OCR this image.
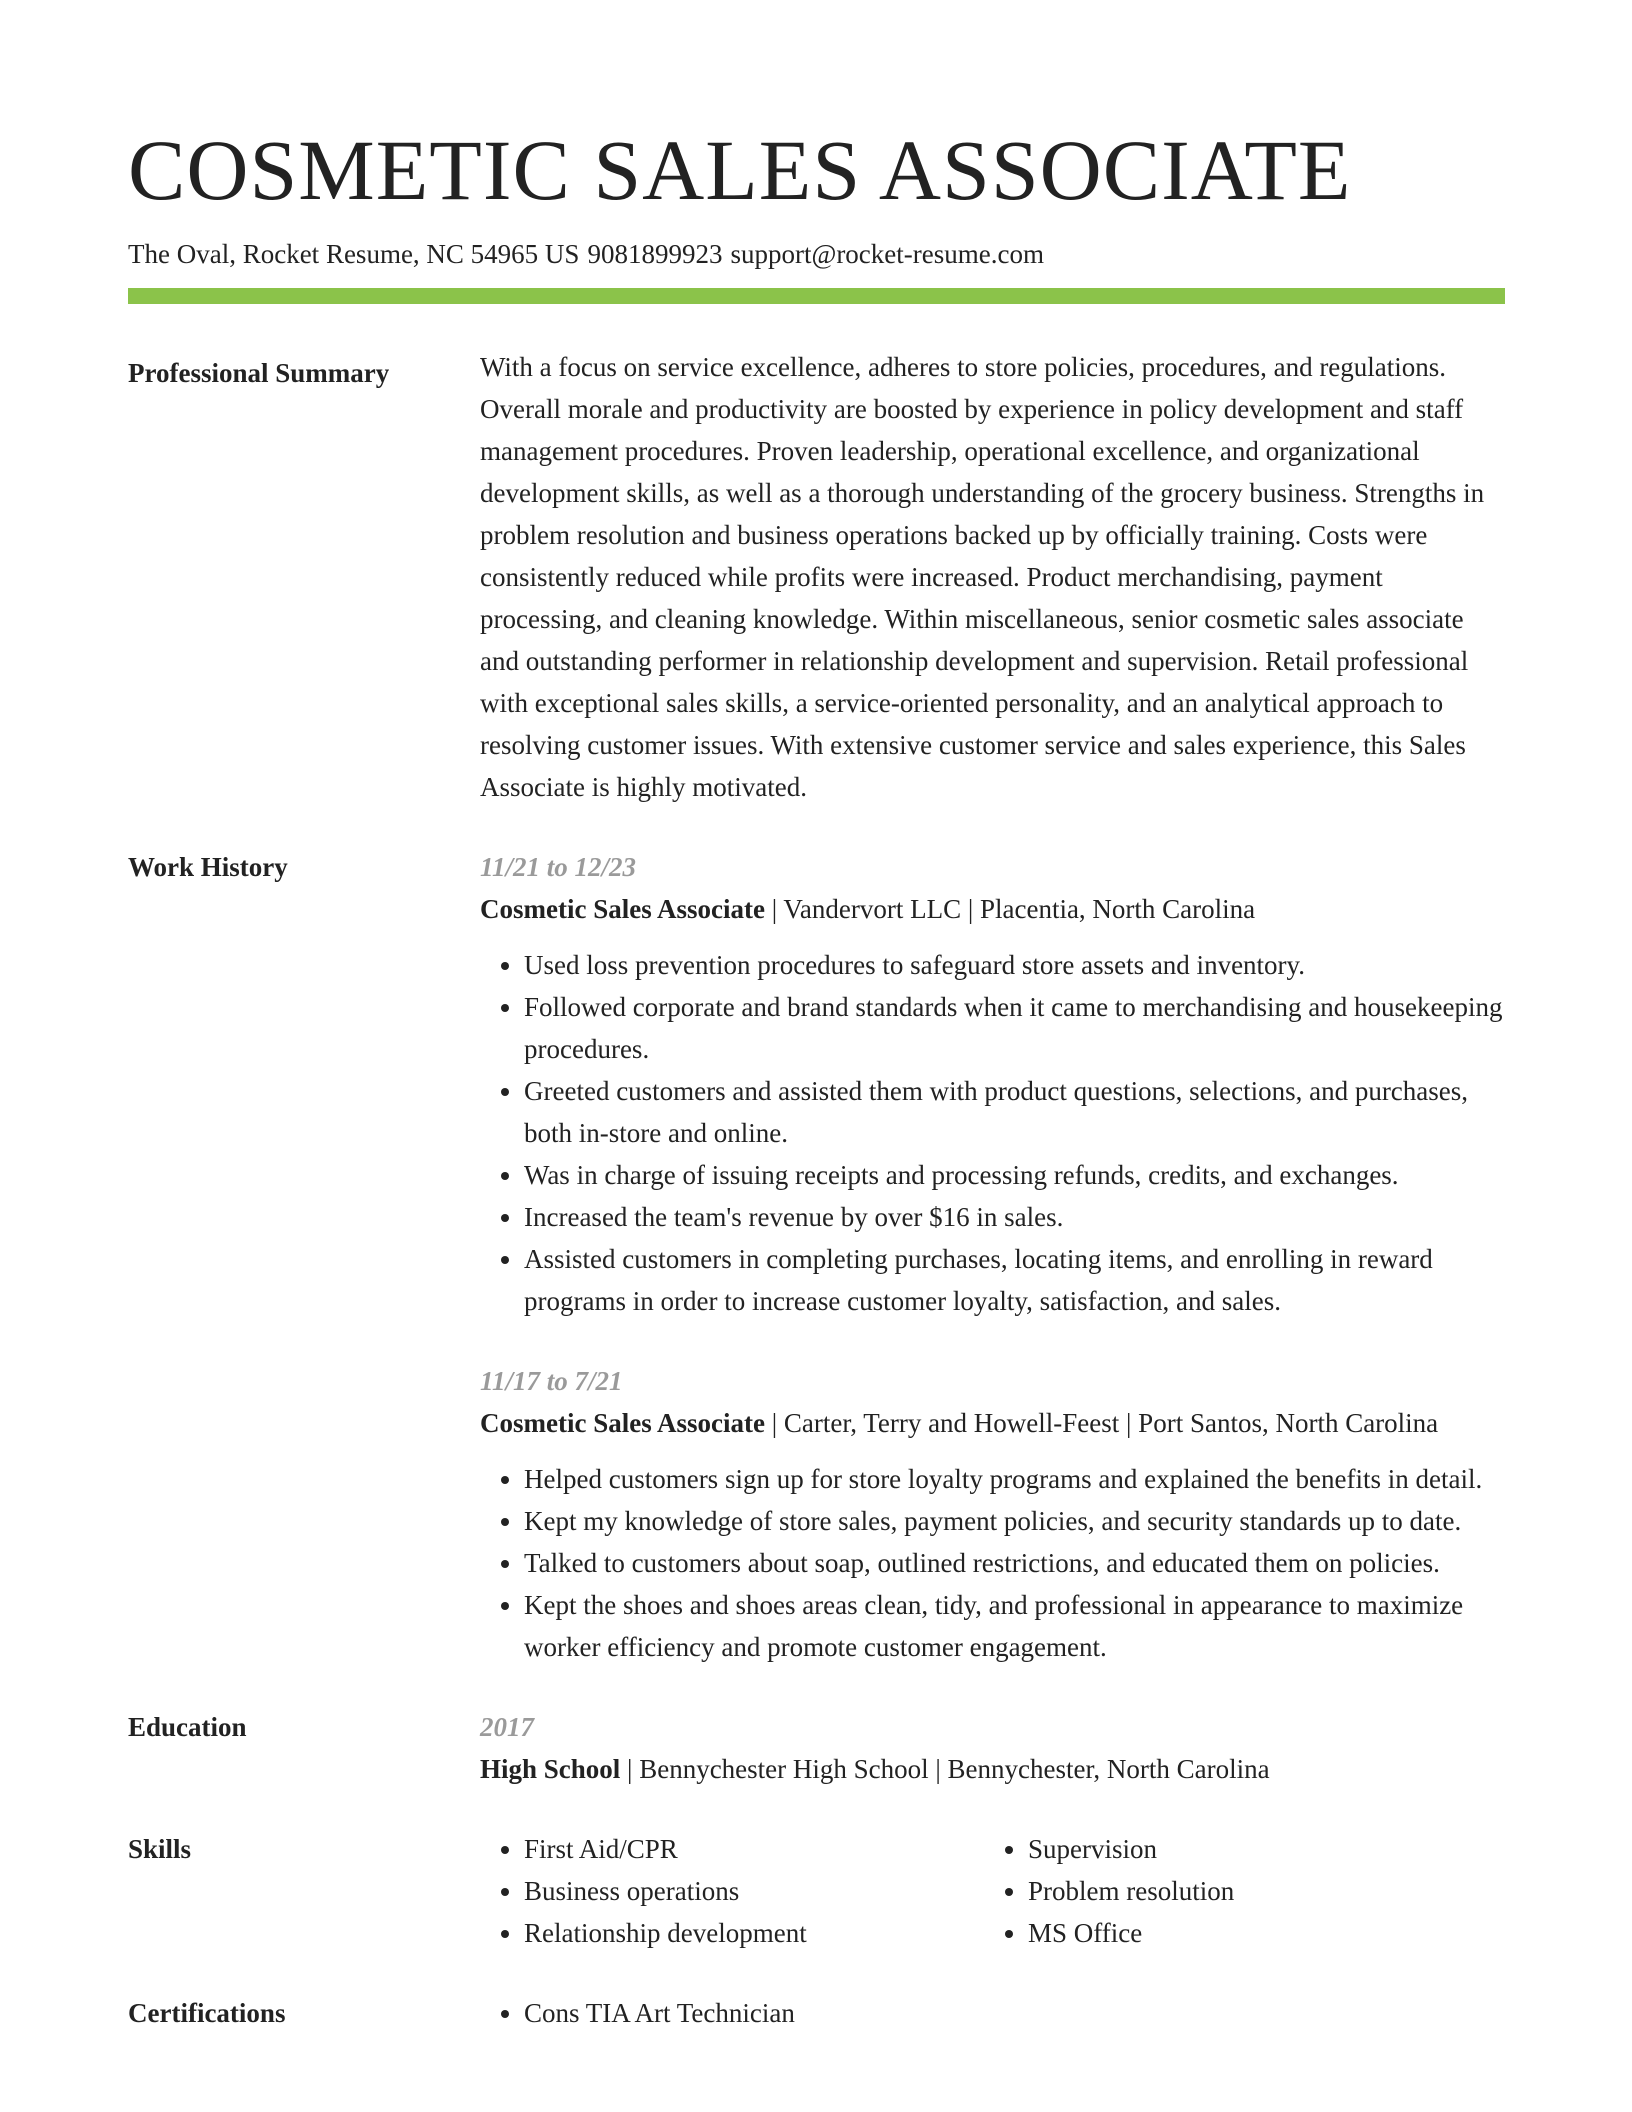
COSMETIC SALES ASSOCIATE
The Oval, Rocket Resume, NC 54965 US 9081899923 support@rocket-resume.com
Professional Summary	With a focus on service excellence, adheres to store policies, procedures, and regulations. Overall morale and productivity are boosted by experience in policy development and staff management procedures. Proven leadership, operational excellence, and organizational development skills, as well as a thorough understanding of the grocery business. Strengths in problem resolution and business operations backed up by officially training. Costs were consistently reduced while profits were increased. Product merchandising, payment processing, and cleaning knowledge. Within miscellaneous, senior cosmetic sales associate and outstanding performer in relationship development and supervision. Retail professional with exceptional sales skills, a service-oriented personality, and an analytical approach to resolving customer issues. With extensive customer service and sales experience, this Sales Associate is highly motivated.

Work History	11/21 to 12/23
Cosmetic Sales Associate | Vandervort LLC | Placentia, North Carolina
• Used loss prevention procedures to safeguard store assets and inventory.
• Followed corporate and brand standards when it came to merchandising and housekeeping procedures.
• Greeted customers and assisted them with product questions, selections, and purchases, both in-store and online.
• Was in charge of issuing receipts and processing refunds, credits, and exchanges.
• Increased the team's revenue by over $16 in sales.
• Assisted customers in completing purchases, locating items, and enrolling in reward programs in order to increase customer loyalty, satisfaction, and sales.
11/17 to 7/21
Cosmetic Sales Associate | Carter, Terry and Howell-Feest | Port Santos, North Carolina
• Helped customers sign up for store loyalty programs and explained the benefits in detail.
• Kept my knowledge of store sales, payment policies, and security standards up to date.
• Talked to customers about soap, outlined restrictions, and educated them on policies.
• Kept the shoes and shoes areas clean, tidy, and professional in appearance to maximize worker efficiency and promote customer engagement.
Education	2017
High School | Bennychester High School | Bennychester, North Carolina
Skills	• First Aid/CPR
• Business operations
• Relationship development
• Supervision
• Problem resolution
• MS Office
Certifications	• Cons TIA Art Technician
